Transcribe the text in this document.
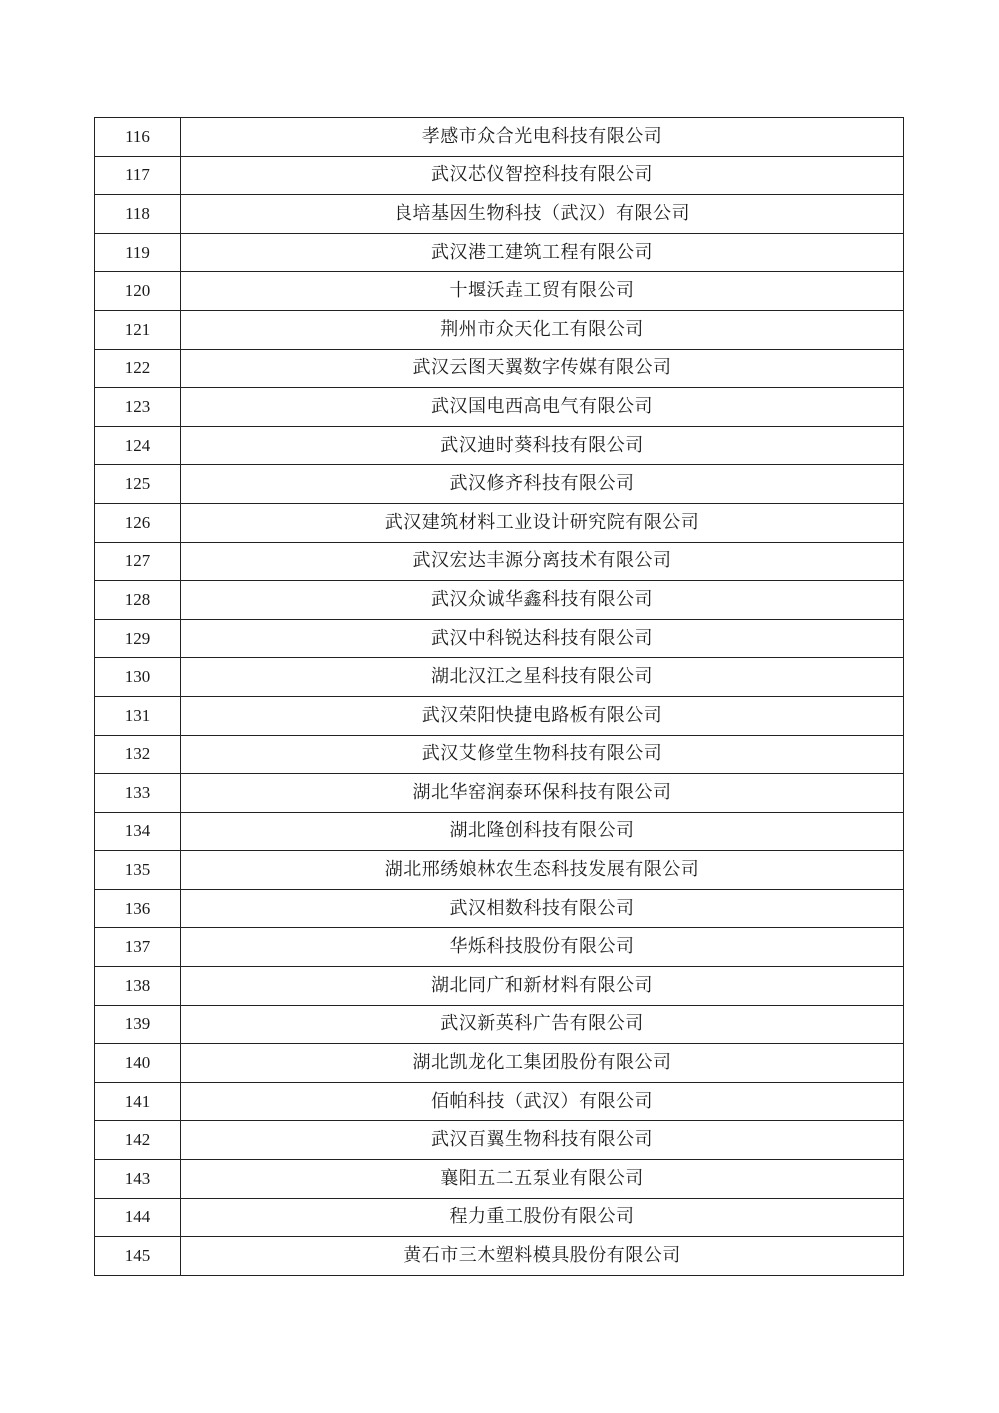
116	孝感市众合光电科技有限公司
117	武汉芯仪智控科技有限公司
118	良培基因生物科技（武汉）有限公司
119	武汉港工建筑工程有限公司
120	十堰沃垚工贸有限公司
121	荆州市众天化工有限公司
122	武汉云图天翼数字传媒有限公司
123	武汉国电西高电气有限公司
124	武汉迪时葵科技有限公司
125	武汉修齐科技有限公司
126	武汉建筑材料工业设计研究院有限公司
127	武汉宏达丰源分离技术有限公司
128	武汉众诚华鑫科技有限公司
129	武汉中科锐达科技有限公司
130	湖北汉江之星科技有限公司
131	武汉荣阳快捷电路板有限公司
132	武汉艾修堂生物科技有限公司
133	湖北华窑润泰环保科技有限公司
134	湖北隆创科技有限公司
135	湖北邢绣娘林农生态科技发展有限公司
136	武汉相数科技有限公司
137	华烁科技股份有限公司
138	湖北同广和新材料有限公司
139	武汉新英科广告有限公司
140	湖北凯龙化工集团股份有限公司
141	佰帕科技（武汉）有限公司
142	武汉百翼生物科技有限公司
143	襄阳五二五泵业有限公司
144	程力重工股份有限公司
145	黄石市三木塑料模具股份有限公司
